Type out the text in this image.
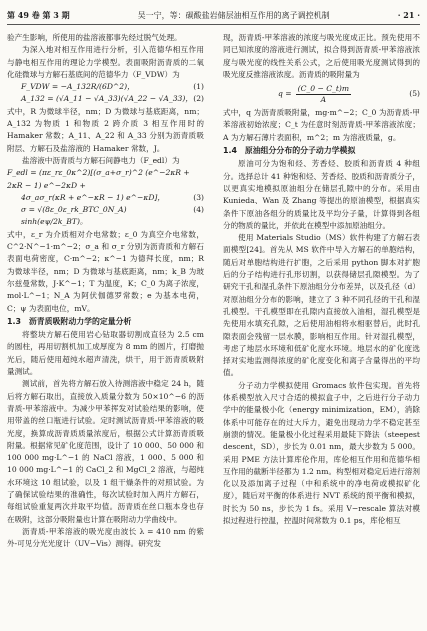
第 49 卷 第 3 期	吴一宁，等：碳酸盐岩储层油相互作用的离子调控机制	· 21 ·

验产生影响，所使用的盐溶液都事先经过脱气处理。

为深入地对相互作用进行分析，引入范德华相互作用与静电相互作用的理论力学模型。表面吸附沥青质的二氧化硅微球与方解石基底间的范德华力（F_VDW）为

F_VDW = −A_132R/(6D^2)，	(1)
A_132 = (√A_11 − √A_33)(√A_22 − √A_33)， (2)

式中，R 为微球半径，nm；D 为微球与基底距离，nm；A_132 为物质 1 和物质 2 跨介质 3 相互作用时的 Hamaker 常数；A_11、A_22 和 A_33 分别为沥青质吸附层、方解石及盐溶液的 Hamaker 常数，J。

盐溶液中沥青质与方解石间静电力（F_edl）为

F_edl = (πε_rε_0κ^2)[(σ_a+σ_r)^2 (e^−2κR + 2κR − 1) e^−2κD +
4σ_aσ_r(κR + e^−κR − 1) e^−κD]，	(3)
σ = √(8ε_0ε_rk_BTC_0N_A) sinh(eψ/2k_BT)。
(4)

式中，ε_r 为介质相对介电常数；ε_0 为真空介电常数，C^2·N^−1·m^−2；σ_a 和 σ_r 分别为沥青质和方解石表面电荷密度，C·m^−2；κ^−1 为德拜长度，nm；R 为微球半径，nm；D 为微球与基底距离，nm；k_B 为玻尔兹曼常数，J·K^−1；T 为温度，K；C_0 为离子浓度，mol·L^−1；N_A 为阿伏伽德罗常数；e 为基本电荷，C；ψ 为表面电位，mV。

1.3　沥青质吸附动力学的定量分析

将整块方解石使用岩心钻取器切割成直径为 2.5 cm 的圆柱，再用切割机加工成厚度为 8 mm 的圆片，打磨抛光后，随后使用超纯水超声清洗，烘干，用于沥青质吸附量测试。

测试前，首先将方解石放入待测溶液中稳定 24 h，随后将方解石取出，直接放入质量分数为 50×10^−6 的沥青质-甲苯溶液中。为减少甲苯挥发对试验结果的影响，使用带盖的丝口瓶进行试验。定时测试沥青质-甲苯溶液的吸光度，换算成沥青质质量浓度后，根据公式计算沥青质吸附量。根据常见矿化度范围，设计了 10 000、50 000 和 100 000 mg·L^−1 的 NaCl 溶液，1 000、5 000 和 10 000 mg·L^−1 的 CaCl_2 和 MgCl_2 溶液，与超纯水环境这 10 组试验，以及 1 组干燥条件的对照试验。为了确保试验结果的准确性，每次试验时加入两片方解石，每组试验重复两次并取平均值。沥青质在丝口瓶本身也存在吸附，这部分吸附量也计算在吸附动力学曲线中。

沥青质-甲苯溶液的吸光度由波长 λ = 410 nm 的紫外-可见分光光度计（UV−Vis）测得。研究发

现，沥青质-甲苯溶液的浓度与吸光度成正比。预先使用不同已知浓度的溶液进行测试，拟合得到沥青质-甲苯溶液浓度与吸光度的线性关系公式，之后使用吸光度测试得到的吸光度反推溶液浓度。沥青质的吸附量为

$q = \frac{(C\_0 - C\_t)m}{A}$	(5)

式中，q 为沥青质吸附量，mg·m^−2；C_0 为沥青质-甲苯溶液初始浓度；C_t 为任意时刻沥青质-甲苯溶液浓度；A 为方解石薄片表面积，m^2；m 为溶液质量，g。

1.4　原油组分分布的分子动力学模拟

原油可分为饱和烃、芳香烃、胶质和沥青质 4 种组分。选择总计 41 种饱和烃、芳香烃、胶质和沥青质分子，以更真实地模拟原油组分在储层孔隙中的分布。采用由 Kunieda、Wan 及 Zhang 等提出的原油模型，根据真实条件下原油各组分的质量比及平均分子量，计算得到各组分的物质的量比，并依此在模型中添加原油组分。

使用 Materials Studio（MS）软件构建了方解石表面模型[24]。首先从 MS 软件中导入方解石的单胞结构，随后对单胞结构进行扩胞，之后采用 python 脚本对扩胞后的分子结构进行孔形切割，以获得储层孔隙模型。为了研究干孔和湿孔条件下原油组分分布差异，以及孔径（d）对原油组分分布的影响，建立了 3 种不同孔径的干孔和湿孔模型。干孔模型即在孔隙内直接放入油相，湿孔模型是先使用水填充孔隙，之后使用油相将水相驱替后，此时孔隙表面会残留一层水膜，影响相互作用。针对湿孔模型，考虑了地层水环境和低矿化度水环境。地层水的矿化度选择对实地监测得浓度的矿化度变化和离子含量得出的平均值。

分子动力学模拟使用 Gromacs 软件包实现。首先将体系模型放入尺寸合适的模拟盒子中，之后进行分子动力学中的能量极小化（energy minimization，EM），消除体系中可能存在的过大斥力，避免出现动力学不稳定甚至崩溃的情况。能量极小化过程采用最陡下降法（steepest descent，SD），步长为 0.01 nm，最大步数为 5 000。采用 PME 方法计算库伦作用，库伦相互作用和范德华相互作用的截断半径都为 1.2 nm。构型相对稳定后进行溶剂化以及添加离子过程（中和系统中的净电荷或模拟矿化度），随后对平衡的体系进行 NVT 系统的预平衡和模拟，时长为 50 ns，步长为 1 fs。采用 V−rescale 算法对模拟过程进行控温，控温时间常数为 0.1 ps，库伦相互
